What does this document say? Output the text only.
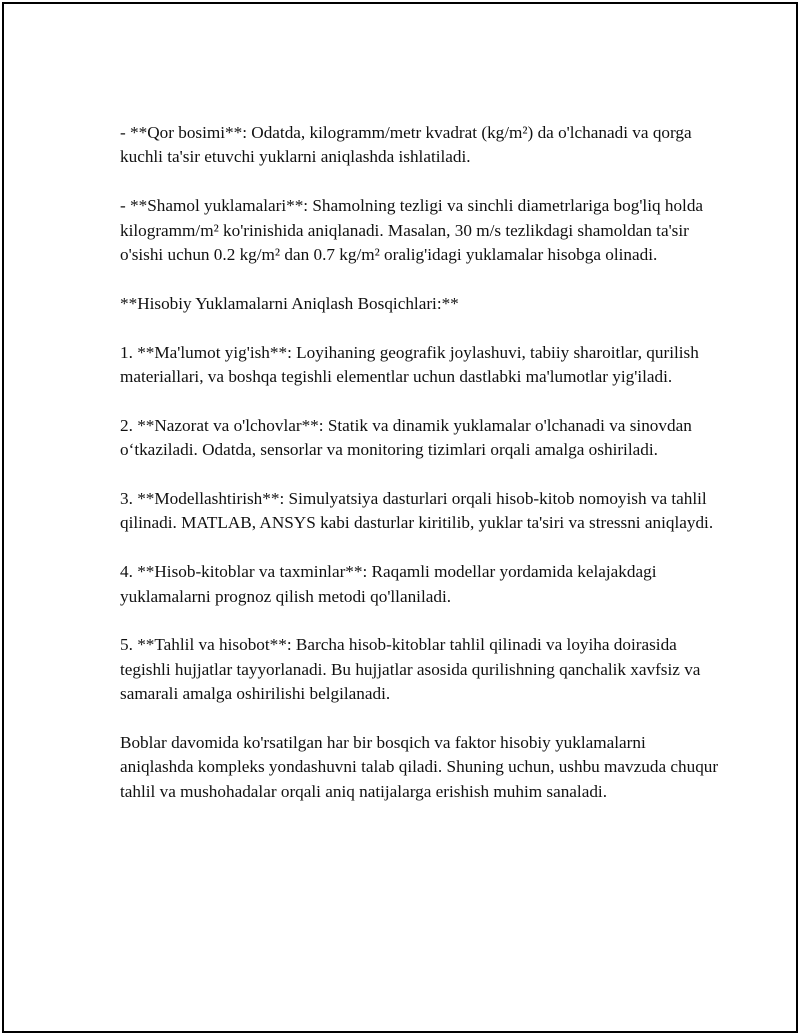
- **Qor bosimi**: Odatda, kilogramm/metr kvadrat (kg/m²) da o'lchanadi va qorga kuchli ta'sir etuvchi yuklarni aniqlashda ishlatiladi.

- **Shamol yuklamalari**: Shamolning tezligi va sinchli diametrlariga bog'liq holda kilogramm/m² ko'rinishida aniqlanadi. Masalan, 30 m/s tezlikdagi shamoldan ta'sir o'sishi uchun 0.2 kg/m² dan 0.7 kg/m² oralig'idagi yuklamalar hisobga olinadi.

**Hisobiy Yuklamalarni Aniqlash Bosqichlari:**

1. **Ma'lumot yig'ish**: Loyihaning geografik joylashuvi, tabiiy sharoitlar, qurilish materiallari, va boshqa tegishli elementlar uchun dastlabki ma'lumotlar yig'iladi.

2. **Nazorat va o'lchovlar**: Statik va dinamik yuklamalar o'lchanadi va sinovdan o‘tkaziladi. Odatda, sensorlar va monitoring tizimlari orqali amalga oshiriladi.

3. **Modellashtirish**: Simulyatsiya dasturlari orqali hisob-kitob nomoyish va tahlil qilinadi. MATLAB, ANSYS kabi dasturlar kiritilib, yuklar ta'siri va stressni aniqlaydi.

4. **Hisob-kitoblar va taxminlar**: Raqamli modellar yordamida kelajakdagi yuklamalarni prognoz qilish metodi qo'llaniladi.

5. **Tahlil va hisobot**: Barcha hisob-kitoblar tahlil qilinadi va loyiha doirasida tegishli hujjatlar tayyorlanadi. Bu hujjatlar asosida qurilishning qanchalik xavfsiz va samarali amalga oshirilishi belgilanadi.

Boblar davomida ko'rsatilgan har bir bosqich va faktor hisobiy yuklamalarni aniqlashda kompleks yondashuvni talab qiladi. Shuning uchun, ushbu mavzuda chuqur tahlil va mushohadalar orqali aniq natijalarga erishish muhim sanaladi.
